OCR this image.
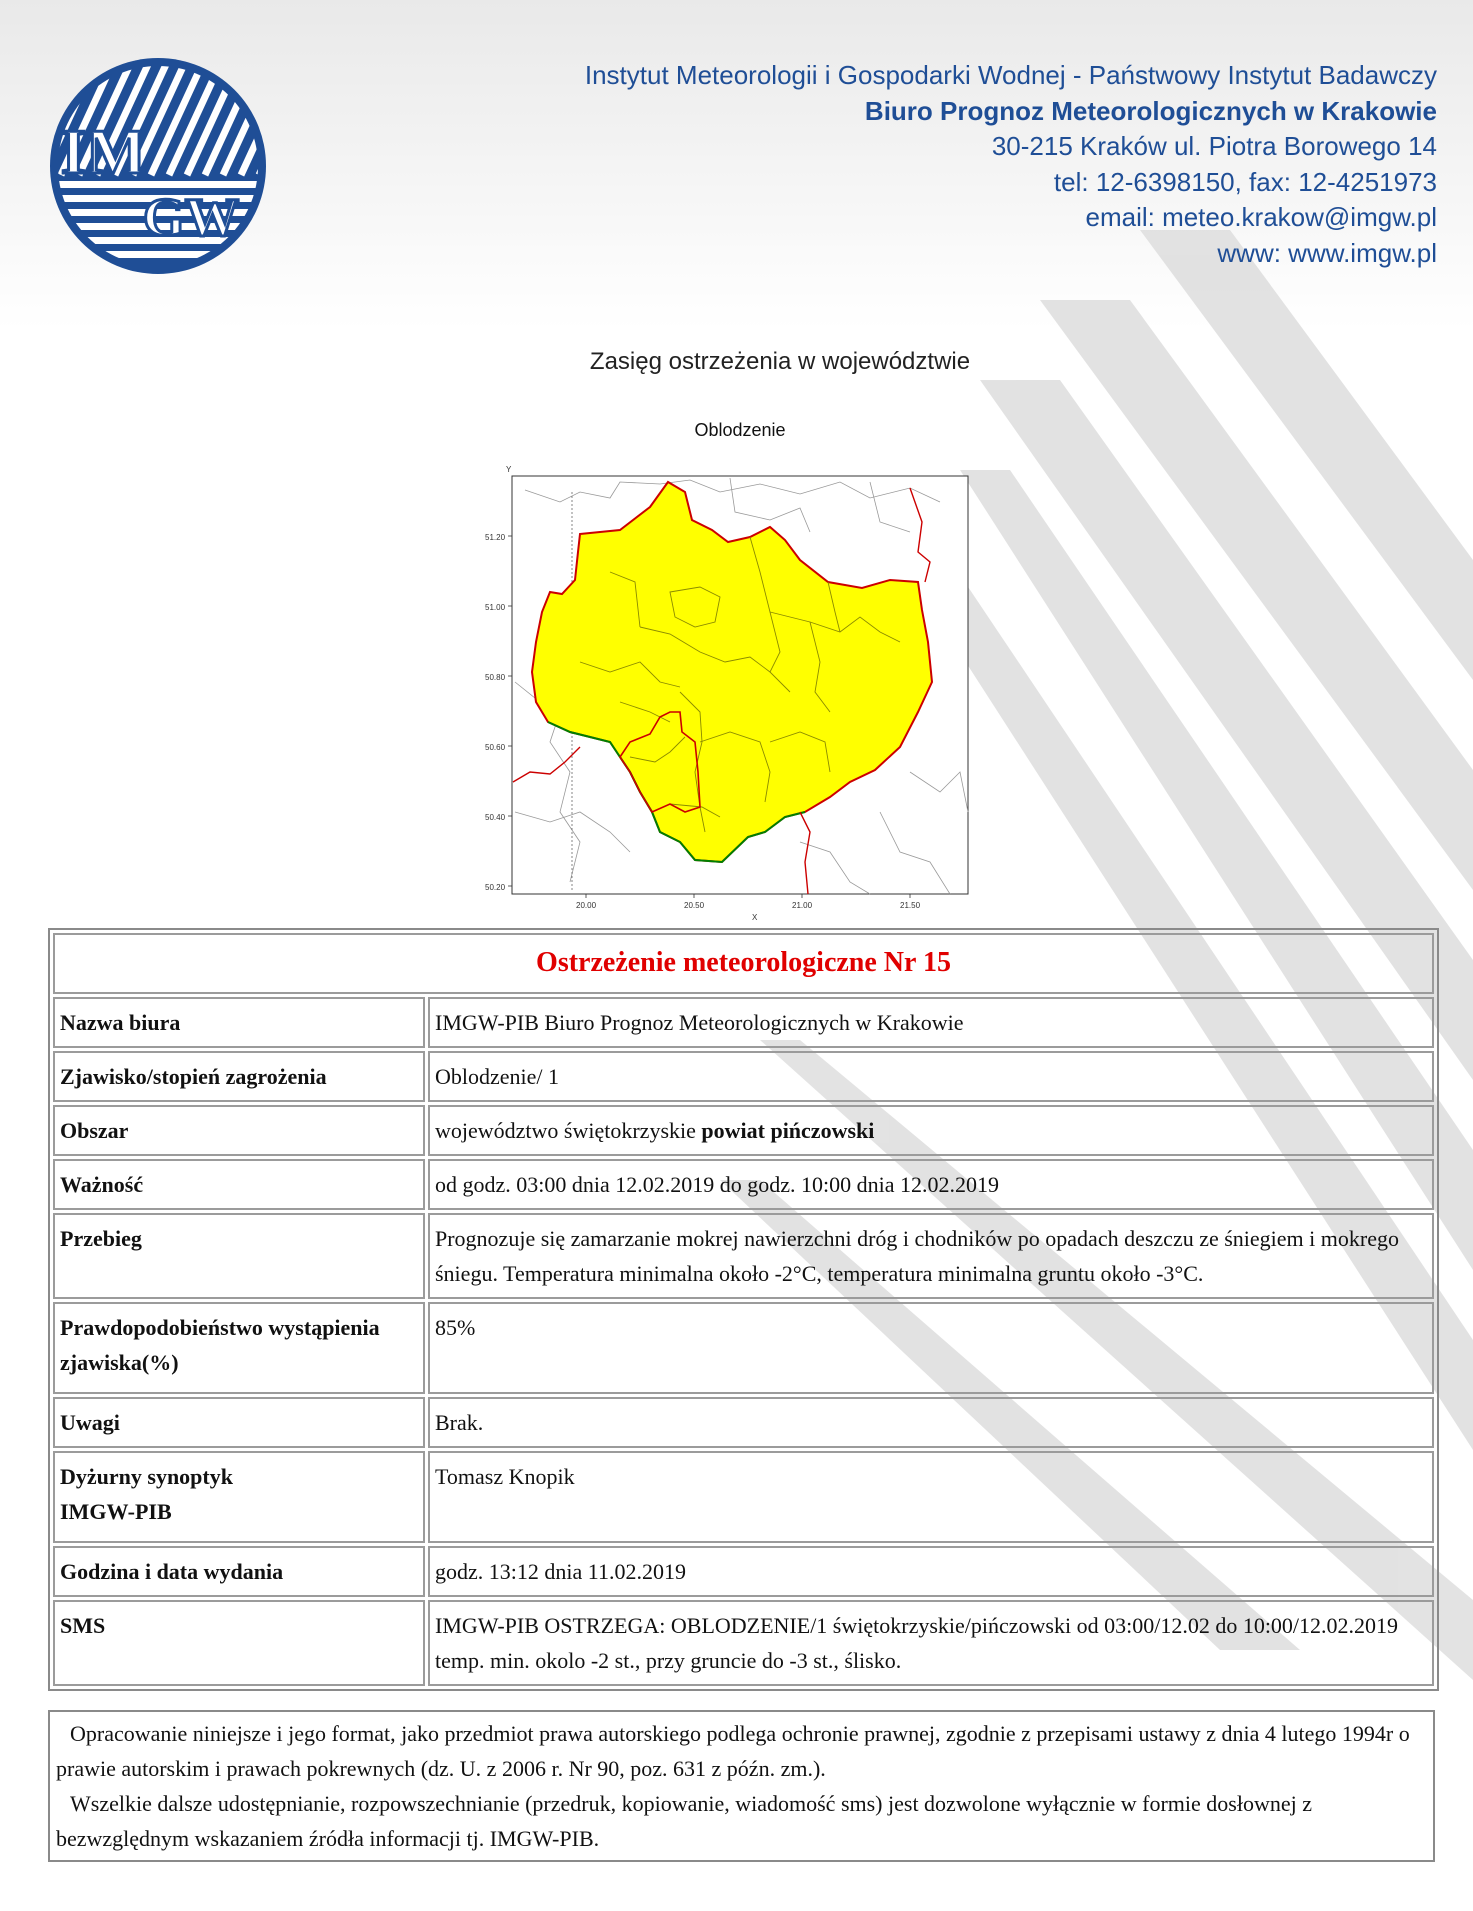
IM
GW
Instytut Meteorologii i Gospodarki Wodnej - Państwowy Instytut Badawczy
Biuro Prognoz Meteorologicznych w Krakowie
30-215 Kraków ul. Piotra Borowego 14
tel: 12-6398150, fax: 12-4251973
email: meteo.krakow@imgw.pl
www: www.imgw.pl
Zasięg ostrzeżenia w województwie
Y
51.20
51.00
50.80
50.60
50.40
50.20
20.00	20.50	21.00	21.50
X
Oblodzenie
Ostrzeżenie meteorologiczne Nr 15	
Nazwa biura	IMGW-PIB Biuro Prognoz Meteorologicznych w Krakowie
Zjawisko/stopień zagrożenia	Oblodzenie/ 1
Obszar	województwo świętokrzyskie powiat pińczowski
Ważność	od godz. 03:00 dnia 12.02.2019 do godz. 10:00 dnia 12.02.2019
Przebieg	Prognozuje się zamarzanie mokrej nawierzchni dróg i chodników po opadach deszczu ze śniegiem i mokrego śniegu. Temperatura minimalna około -2°C, temperatura minimalna gruntu około -3°C.
Prawdopodobieństwo wystąpienia zjawiska(%)	85%
Uwagi	Brak.

Dyżurny synoptyk IMGW-PIB	Tomasz Knopik
Godzina i data wydania	godz. 13:12 dnia 11.02.2019
SMS	IMGW-PIB OSTRZEGA: OBLODZENIE/1 świętokrzyskie/pińczowski od 03:00/12.02 do 10:00/12.02.2019 temp. min. okolo -2 st., przy gruncie do -3 st., ślisko.

Opracowanie niniejsze i jego format, jako przedmiot prawa autorskiego podlega ochronie prawnej, zgodnie z przepisami ustawy z dnia 4 lutego 1994r o prawie autorskim i prawach pokrewnych (dz. U. z 2006 r. Nr 90, poz. 631 z późn. zm.).

Wszelkie dalsze udostępnianie, rozpowszechnianie (przedruk, kopiowanie, wiadomość sms) jest dozwolone wyłącznie w formie dosłownej z bezwzględnym wskazaniem źródła informacji tj. IMGW-PIB.
